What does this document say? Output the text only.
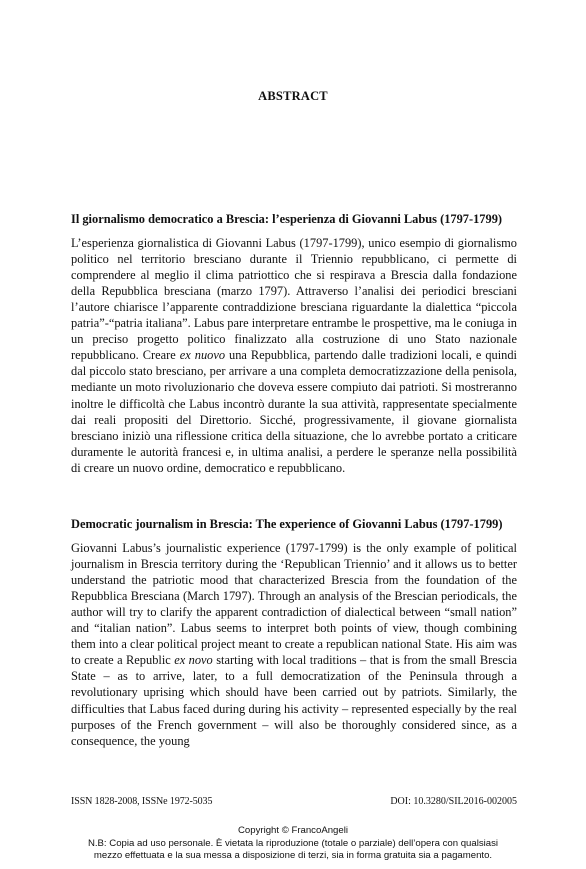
ABSTRACT

Il giornalismo democratico a Brescia: l’esperienza di Giovanni Labus (1797-1799)

L’esperienza giornalistica di Giovanni Labus (1797-1799), unico esempio di giornalismo politico nel territorio bresciano durante il Triennio repubblicano, ci permette di comprendere al meglio il clima patriottico che si respirava a Brescia dalla fondazione della Repubblica bresciana (marzo 1797). Attraverso l’analisi dei periodici bresciani l’autore chiarisce l’apparente contraddizione bresciana riguardante la dialettica “piccola patria”-“patria italiana”. Labus pare interpretare entrambe le prospettive, ma le coniuga in un preciso progetto politico finalizzato alla costruzione di uno Stato nazionale repubblicano. Creare ex nuovo una Repubblica, partendo dalle tradizioni locali, e quindi dal piccolo stato bresciano, per arrivare a una completa democratizzazione della penisola, mediante un moto rivoluzionario che doveva essere compiuto dai patrioti. Si mostreranno inoltre le difficoltà che Labus incontrò durante la sua attività, rappresentate specialmente dai reali propositi del Direttorio. Sicché, progressivamente, il giovane giornalista bresciano iniziò una riflessione critica della situazione, che lo avrebbe portato a criticare duramente le autorità francesi e, in ultima analisi, a perdere le speranze nella possibilità di creare un nuovo ordine, democratico e repubblicano.

Democratic journalism in Brescia: The experience of Giovanni Labus (1797-1799)

Giovanni Labus’s journalistic experience (1797-1799) is the only example of political journalism in Brescia territory during the ‘Republican Triennio’ and it allows us to better understand the patriotic mood that characterized Brescia from the foundation of the Repubblica Bresciana (March 1797). Through an analysis of the Brescian periodicals, the author will try to clarify the apparent contradiction of dialectical between “small nation” and “italian nation”. Labus seems to interpret both points of view, though combining them into a clear political project meant to create a republican national State. His aim was to create a Republic ex novo starting with local traditions – that is from the small Brescia State – as to arrive, later, to a full democratization of the Peninsula through a revolutionary uprising which should have been carried out by patriots. Similarly, the difficulties that Labus faced during during his activity – represented especially by the real purposes of the French government – will also be thoroughly considered since, as a consequence, the young

ISSN 1828-2008, ISSNe 1972-5035	DOI: 10.3280/SIL2016-002005
Copyright © FrancoAngeli
N.B: Copia ad uso personale. È vietata la riproduzione (totale o parziale) dell’opera con qualsiasi
mezzo effettuata e la sua messa a disposizione di terzi, sia in forma gratuita sia a pagamento.
